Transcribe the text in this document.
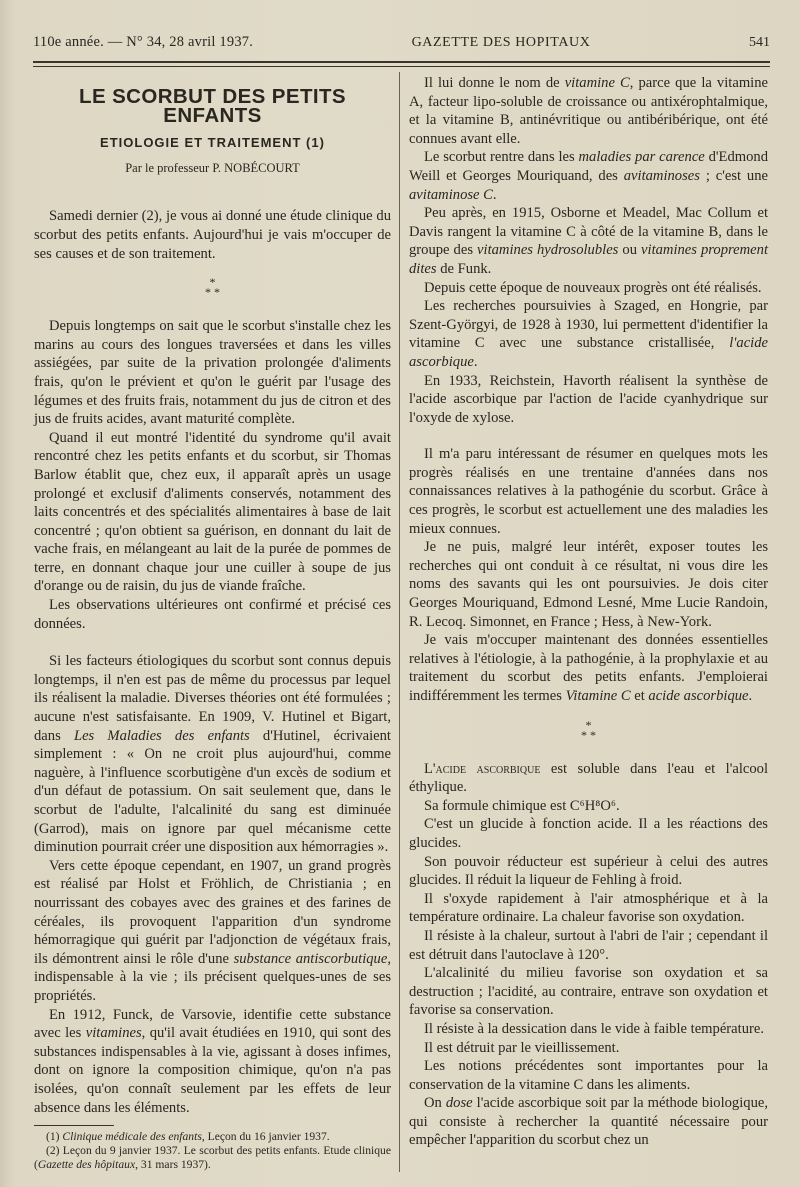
110e année. — N° 34, 28 avril 1937.	GAZETTE DES HOPITAUX	541
LE SCORBUT DES PETITS ENFANTS
ETIOLOGIE ET TRAITEMENT (1)
Par le professeur P. NOBÉCOURT

Samedi dernier (2), je vous ai donné une étude clinique du scorbut des petits enfants. Aujourd'hui je vais m'occuper de ses causes et de son traitement.

*
* *

Depuis longtemps on sait que le scorbut s'installe chez les marins au cours des longues traversées et dans les villes assiégées, par suite de la privation prolongée d'aliments frais, qu'on le prévient et qu'on le guérit par l'usage des légumes et des fruits frais, notamment du jus de citron et des jus de fruits acides, avant maturité complète.

Quand il eut montré l'identité du syndrome qu'il avait rencontré chez les petits enfants et du scorbut, sir Thomas Barlow établit que, chez eux, il apparaît après un usage prolongé et exclusif d'aliments conservés, notamment des laits concentrés et des spécialités alimentaires à base de lait concentré ; qu'on obtient sa guérison, en donnant du lait de vache frais, en mélangeant au lait de la purée de pommes de terre, en donnant chaque jour une cuiller à soupe de jus d'orange ou de raisin, du jus de viande fraîche.

Les observations ultérieures ont confirmé et précisé ces données.

Si les facteurs étiologiques du scorbut sont connus depuis longtemps, il n'en est pas de même du processus par lequel ils réalisent la maladie. Diverses théories ont été formulées ; aucune n'est satisfaisante. En 1909, V. Hutinel et Bigart, dans Les Maladies des enfants d'Hutinel, écrivaient simplement : « On ne croit plus aujourd'hui, comme naguère, à l'influence scorbutigène d'un excès de sodium et d'un défaut de potassium. On sait seulement que, dans le scorbut de l'adulte, l'alcalinité du sang est diminuée (Garrod), mais on ignore par quel mécanisme cette diminution pourrait créer une disposition aux hémorragies ».

Vers cette époque cependant, en 1907, un grand progrès est réalisé par Holst et Fröhlich, de Christiania ; en nourrissant des cobayes avec des graines et des farines de céréales, ils provoquent l'apparition d'un syndrome hémorragique qui guérit par l'adjonction de végétaux frais, ils démontrent ainsi le rôle d'une substance antiscorbutique, indispensable à la vie ; ils précisent quelques-unes de ses propriétés.

En 1912, Funck, de Varsovie, identifie cette substance avec les vitamines, qu'il avait étudiées en 1910, qui sont des substances indispensables à la vie, agissant à doses infimes, dont on ignore la composition chimique, qu'on n'a pas isolées, qu'on connaît seulement par les effets de leur absence dans les éléments.

(1) Clinique médicale des enfants, Leçon du 16 janvier 1937.
(2) Leçon du 9 janvier 1937. Le scorbut des petits enfants. Etude clinique (Gazette des hôpitaux, 31 mars 1937).

Il lui donne le nom de vitamine C, parce que la vitamine A, facteur lipo-soluble de croissance ou antixérophtalmique, et la vitamine B, antinévritique ou antibéribérique, ont été connues avant elle.

Le scorbut rentre dans les maladies par carence d'Edmond Weill et Georges Mouriquand, des avitaminoses ; c'est une avitaminose C.

Peu après, en 1915, Osborne et Meadel, Mac Collum et Davis rangent la vitamine C à côté de la vitamine B, dans le groupe des vitamines hydrosolubles ou vitamines proprement dites de Funk.

Depuis cette époque de nouveaux progrès ont été réalisés.

Les recherches poursuivies à Szaged, en Hongrie, par Szent-Györgyi, de 1928 à 1930, lui permettent d'identifier la vitamine C avec une substance cristallisée, l'acide ascorbique.

En 1933, Reichstein, Havorth réalisent la synthèse de l'acide ascorbique par l'action de l'acide cyanhydrique sur l'oxyde de xylose.

Il m'a paru intéressant de résumer en quelques mots les progrès réalisés en une trentaine d'années dans nos connaissances relatives à la pathogénie du scorbut. Grâce à ces progrès, le scorbut est actuellement une des maladies les mieux connues.

Je ne puis, malgré leur intérêt, exposer toutes les recherches qui ont conduit à ce résultat, ni vous dire les noms des savants qui les ont poursuivies. Je dois citer Georges Mouriquand, Edmond Lesné, Mme Lucie Randoin, R. Lecoq. Simonnet, en France ; Hess, à New-York.

Je vais m'occuper maintenant des données essentielles relatives à l'étiologie, à la pathogénie, à la prophylaxie et au traitement du scorbut des petits enfants. J'emploierai indifféremment les termes Vitamine C et acide ascorbique.

*
* *

L'acide ascorbique est soluble dans l'eau et l'alcool éthylique.

Sa formule chimique est C⁶H⁸O⁶.

C'est un glucide à fonction acide. Il a les réactions des glucides.

Son pouvoir réducteur est supérieur à celui des autres glucides. Il réduit la liqueur de Fehling à froid.

Il s'oxyde rapidement à l'air atmosphérique et à la température ordinaire. La chaleur favorise son oxydation.

Il résiste à la chaleur, surtout à l'abri de l'air ; cependant il est détruit dans l'autoclave à 120°.

L'alcalinité du milieu favorise son oxydation et sa destruction ; l'acidité, au contraire, entrave son oxydation et favorise sa conservation.

Il résiste à la dessication dans le vide à faible température.

Il est détruit par le vieillissement.

Les notions précédentes sont importantes pour la conservation de la vitamine C dans les aliments.

On dose l'acide ascorbique soit par la méthode biologique, qui consiste à rechercher la quantité nécessaire pour empêcher l'apparition du scorbut chez un
